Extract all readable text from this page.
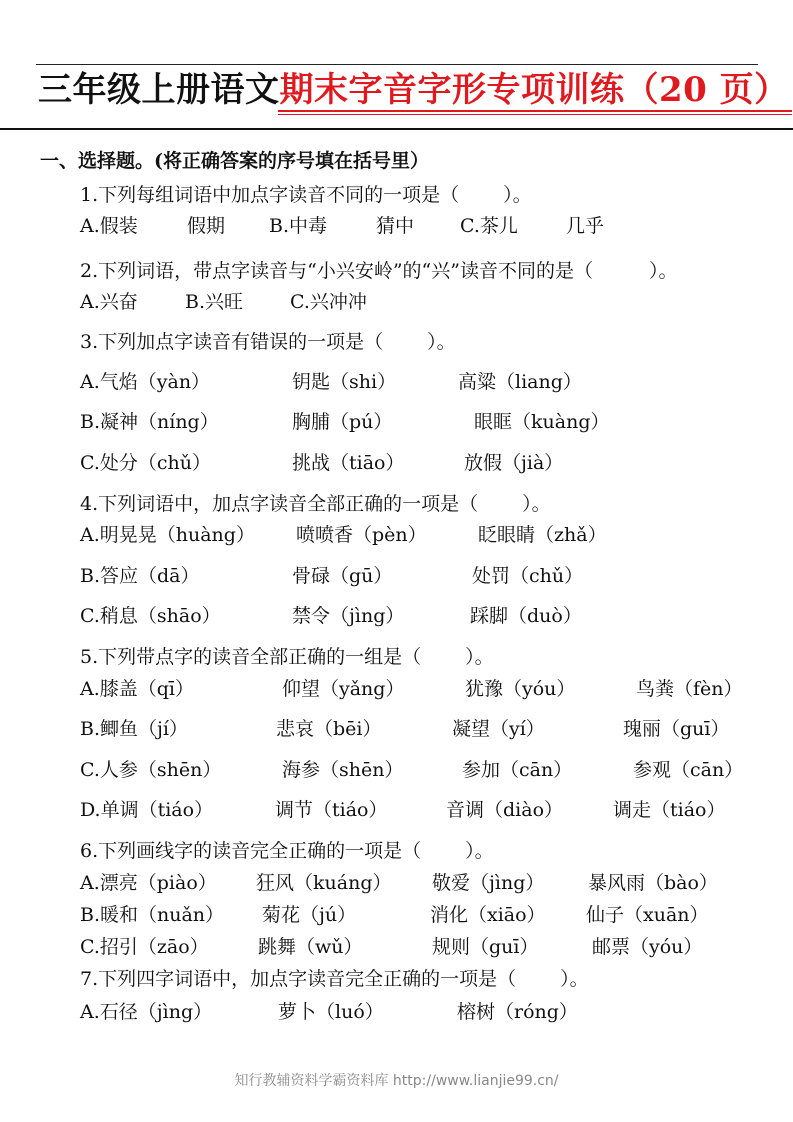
三年级上册语文期末字音字形专项训练（20 页）
一、选择题。(将正确答案的序号填在括号里）
1.下列每组词语中加点字读音不同的一项是（ ）。
A.假装	假期 B.中毒	猜中 C.茶儿	几乎
2.下列词语，带点字读音与“小兴安岭”的“兴”读音不同的是（	）。
A.兴奋 B.兴旺 C.兴冲冲
3.下列加点字读音有错误的一项是（ ）。
A.气焰（yàn）	钥匙（shi）	高粱（liang）
B.凝神（níng）	胸脯（pú）	眼眶（kuàng）
C.处分（chǔ）	挑战（tiāo）	放假（jià）
4.下列词语中，加点字读音全部正确的一项是（ ）。
A.明晃晃（huàng） 喷喷香（pèn）	眨眼睛（zhǎ）
B.答应（dā）	骨碌（gū）	处罚（chǔ）
C.稍息（shāo）	禁令（jìng）	踩脚（duò）
5.下列带点字的读音全部正确的一组是（ ）。
A.膝盖（qī）	仰望（yǎng）	犹豫（yóu）	鸟粪（fèn）
B.鲫鱼（jí）	悲哀（bēi）	凝望（yí）	瑰丽（guī）
C.人参（shēn）	海参（shēn）	参加（cān）	参观（cān）
D.单调（tiáo）	调节（tiáo）	音调（diào）	调走（tiáo）
6.下列画线字的读音完全正确的一项是（ ）。
A.漂亮（piào） 狂风（kuáng） 敬爱（jìng） 暴风雨（bào）
B.暖和（nuǎn） 菊花（jú）	消化（xiāo） 仙子（xuān）
C.招引（zāo）	跳舞（wǔ）	规则（guī）	邮票（yóu）
7.下列四字词语中，加点字读音完全正确的一项是（ ）。
A.石径（jìng）	萝卜（luó）	榕树（róng）
知行教辅资料学霸资料库 http://www.lianjie99.cn/
